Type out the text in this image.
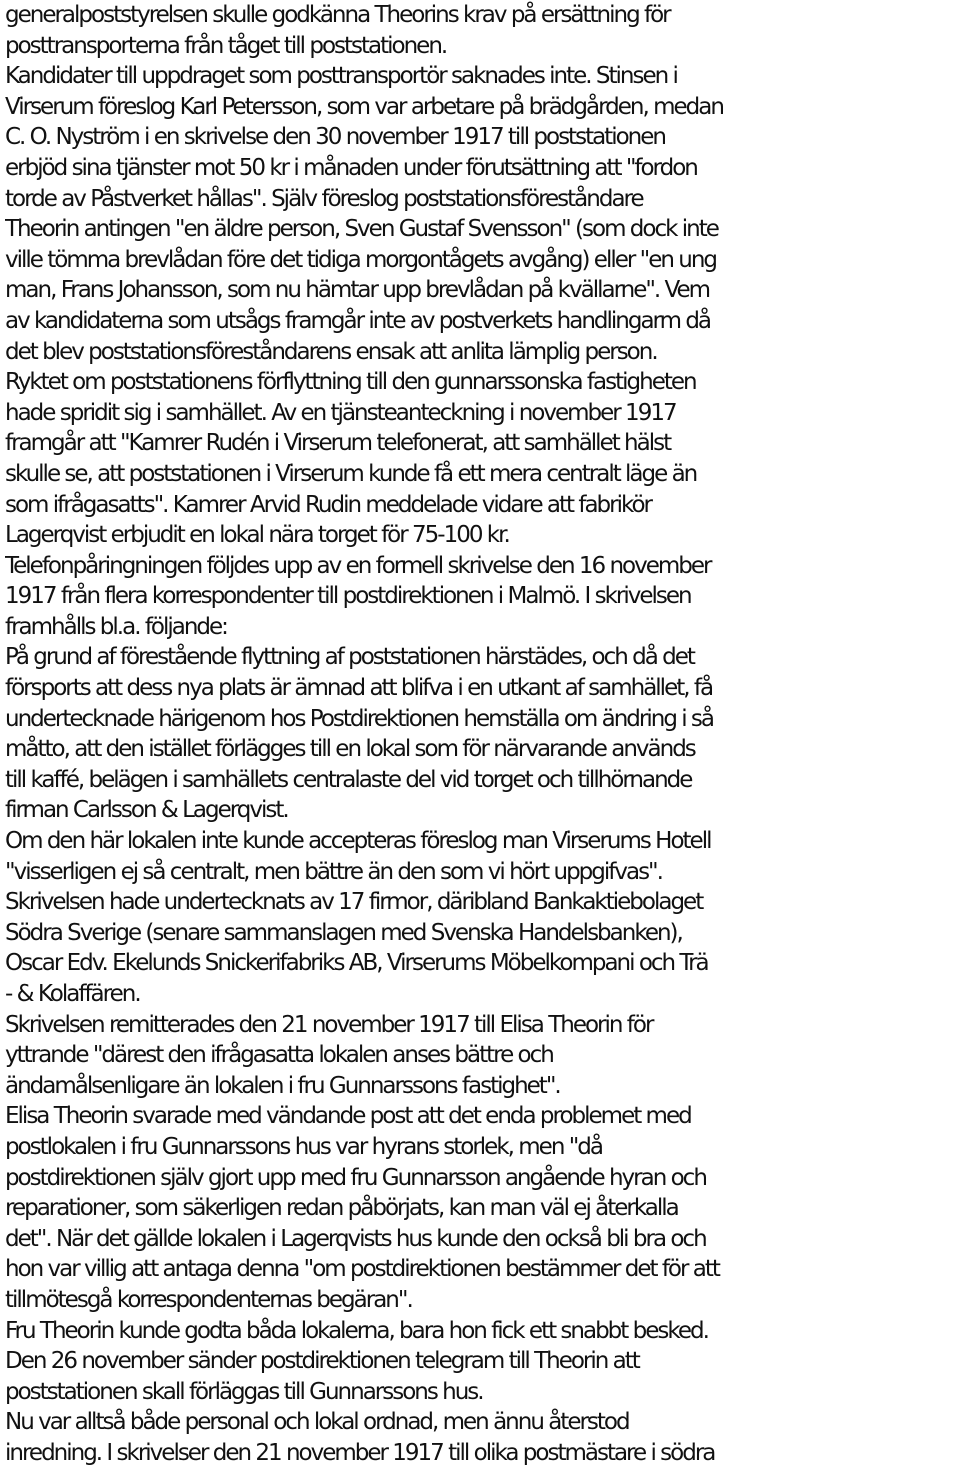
generalpoststyrelsen skulle godkänna Theorins krav på ersättning för
posttransporterna från tåget till poststationen.
Kandidater till uppdraget som posttransportör saknades inte. Stinsen i
Virserum föreslog Karl Petersson, som var arbetare på brädgården, medan
C. O. Nyström i en skrivelse den 30 november 1917 till poststationen
erbjöd sina tjänster mot 50 kr i månaden under förutsättning att "fordon
torde av Påstverket hållas". Själv föreslog poststationsföreståndare
Theorin antingen "en äldre person, Sven Gustaf Svensson" (som dock inte
ville tömma brevlådan före det tidiga morgontågets avgång) eller "en ung
man, Frans Johansson, som nu hämtar upp brevlådan på kvällarne". Vem
av kandidaterna som utsågs framgår inte av postverkets handlingarm då
det blev poststationsföreståndarens ensak att anlita lämplig person.
Ryktet om poststationens förflyttning till den gunnarssonska fastigheten
hade spridit sig i samhället. Av en tjänsteanteckning i november 1917
framgår att "Kamrer Rudén i Virserum telefonerat, att samhället hälst
skulle se, att poststationen i Virserum kunde få ett mera centralt läge än
som ifrågasatts". Kamrer Arvid Rudin meddelade vidare att fabrikör
Lagerqvist erbjudit en lokal nära torget för 75-100 kr.
Telefonpåringningen följdes upp av en formell skrivelse den 16 november
1917 från flera korrespondenter till postdirektionen i Malmö. I skrivelsen
framhålls bl.a. följande:
På grund af förestående flyttning af poststationen härstädes, och då det
försports att dess nya plats är ämnad att blifva i en utkant af samhället, få
undertecknade härigenom hos Postdirektionen hemställa om ändring i så
måtto, att den istället förlägges till en lokal som för närvarande används
till kaffé, belägen i samhällets centralaste del vid torget och tillhörnande
firman Carlsson & Lagerqvist.
Om den här lokalen inte kunde accepteras föreslog man Virserums Hotell
"visserligen ej så centralt, men bättre än den som vi hört uppgifvas".
Skrivelsen hade undertecknats av 17 firmor, däribland Bankaktiebolaget
Södra Sverige (senare sammanslagen med Svenska Handelsbanken),
Oscar Edv. Ekelunds Snickerifabriks AB, Virserums Möbelkompani och Trä
- & Kolaffären.
Skrivelsen remitterades den 21 november 1917 till Elisa Theorin för
yttrande "därest den ifrågasatta lokalen anses bättre och
ändamålsenligare än lokalen i fru Gunnarssons fastighet".
Elisa Theorin svarade med vändande post att det enda problemet med
postlokalen i fru Gunnarssons hus var hyrans storlek, men "då
postdirektionen själv gjort upp med fru Gunnarsson angående hyran och
reparationer, som säkerligen redan påbörjats, kan man väl ej återkalla
det". När det gällde lokalen i Lagerqvists hus kunde den också bli bra och
hon var villig att antaga denna "om postdirektionen bestämmer det för att
tillmötesgå korrespondenternas begäran".
Fru Theorin kunde godta båda lokalerna, bara hon fick ett snabbt besked.
Den 26 november sänder postdirektionen telegram till Theorin att
poststationen skall förläggas till Gunnarssons hus.
Nu var alltså både personal och lokal ordnad, men ännu återstod
inredning. I skrivelser den 21 november 1917 till olika postmästare i södra
